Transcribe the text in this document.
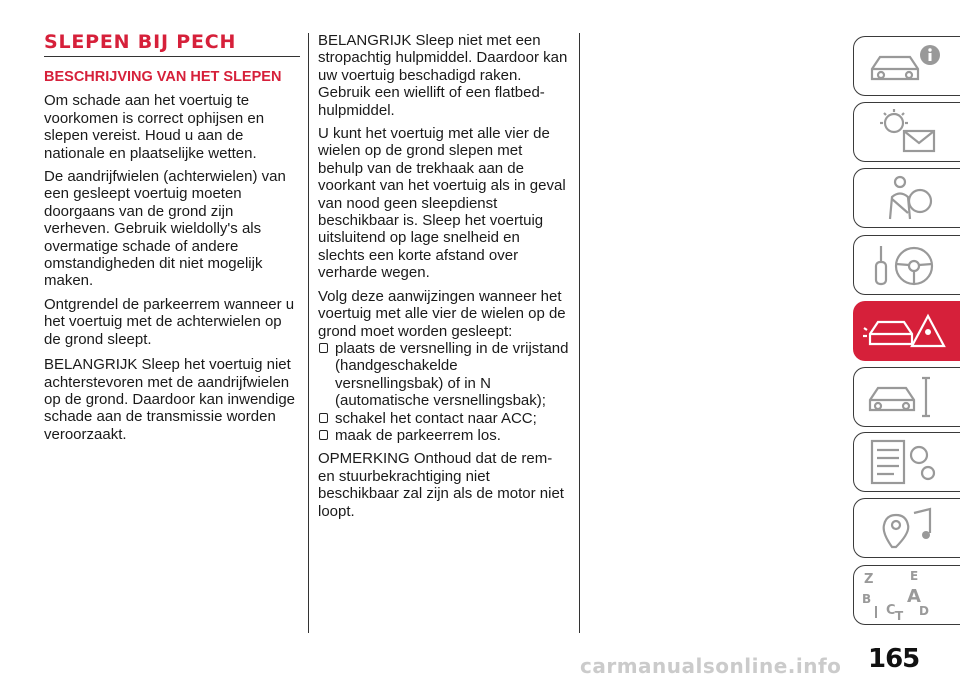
SLEPEN BIJ PECH

BESCHRIJVING VAN HET SLEPEN

Om schade aan het voertuig te voorkomen is correct ophijsen en slepen vereist. Houd u aan de nationale en plaatselijke wetten.

De aandrijfwielen (achterwielen) van een gesleept voertuig moeten doorgaans van de grond zijn verheven. Gebruik wieldolly's als overmatige schade of andere omstandigheden dit niet mogelijk maken.

Ontgrendel de parkeerrem wanneer u het voertuig met de achterwielen op de grond sleept.

BELANGRIJK Sleep het voertuig niet achterstevoren met de aandrijfwielen op de grond. Daardoor kan inwendige schade aan de transmissie worden veroorzaakt.

BELANGRIJK Sleep niet met een stropachtig hulpmiddel. Daardoor kan uw voertuig beschadigd raken. Gebruik een wiellift of een flatbed-hulpmiddel.

U kunt het voertuig met alle vier de wielen op de grond slepen met behulp van de trekhaak aan de voorkant van het voertuig als in geval van nood geen sleepdienst beschikbaar is. Sleep het voertuig uitsluitend op lage snelheid en slechts een korte afstand over verharde wegen.

Volg deze aanwijzingen wanneer het voertuig met alle vier de wielen op de grond moet worden gesleept:

plaats de versnelling in de vrijstand (handgeschakelde versnellingsbak) of in N (automatische versnellingsbak);
schakel het contact naar ACC;
maak de parkeerrem los.

OPMERKING Onthoud dat de rem- en stuurbekrachtiging niet beschikbaar zal zijn als de motor niet loopt.

Z	E
B A
C D
T
165
carmanualsonline.info
